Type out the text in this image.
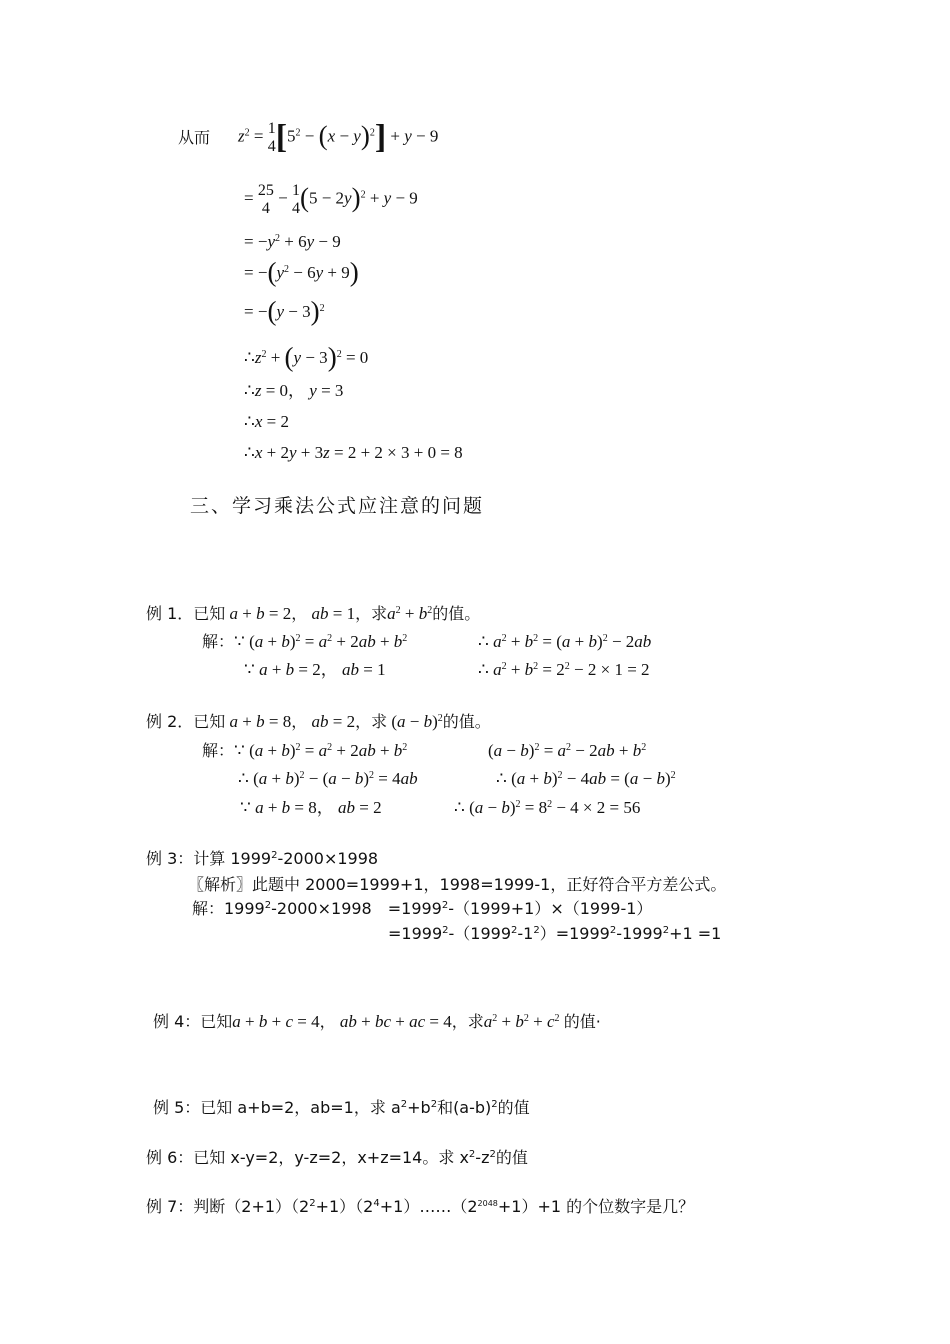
从而 $z^2 = 1$
4 $[5^2 - (x - y)^2] + y - 9$
= 25
4
− 1
4 $(5 - 2y)^2 + y - 9$
= $-y^2 + 6y - 9$
= $-(y^2 - 6y + 9)$
= $-(y - 3)^2$
$\therefore z^2 + (y - 3)^2 = 0$
∴z = 0， y = 3
∴x = 2
∴x + 2y + 3z = 2 + 2 × 3 + 0 = 8
三、学习乘法公式应注意的问题
例 1．已知 a + b = 2， ab = 1，求$a^2 + b^2$的值。
解：∵ $(a + b)^2 = a^2 + 2ab + b^2$	∴ $a^2 + b^2 = (a + b)^2 - 2ab$
∵ a + b = 2， ab = 1	∴ $a^2 + b^2 = 2^2 - 2 \times 1 = 2$
例 2．已知 a + b = 8， ab = 2，求 $(a - b)^2$的值。
解：∵ $(a + b)^2 = a^2 + 2ab + b^2$	$(a - b)^2 = a^2 - 2ab + b^2$
∴ $(a + b)^2 - (a - b)^2 = 4ab$	∴ $(a + b)^2 - 4ab = (a - b)^2$
∵ a + b = 8， ab = 2	∴ $(a - b)^2 = 8^2 - 4 \times 2 = 56$
例 3：计算 $1999^2-2000\times 1998$
〖解析〗此题中 2000=1999+1，1998=1999-1，正好符合平方差公式。
解：$1999^2-2000\times 1998$　$=1999^2-(1999+1)\times(1999-1)$
$=1999^2-(1999^2-1^2)=1999^2-1999^2+1 =1$
例 4：已知a + b + c = 4， ab + bc + ac = 4，求$a^2 + b^2 + c^2$ 的值·
例 5：已知 a+b=2，ab=1，求 $a^2+b^2$和$(a-b)^2$的值
例 6：已知 x-y=2，y-z=2，x+z=14。求 $x^2-z^2$的值
例 7：判断$(2+1)(2^2+1)(2^4+1)\dots\dots(2^{2048}+1)+1$ 的个位数字是几？
